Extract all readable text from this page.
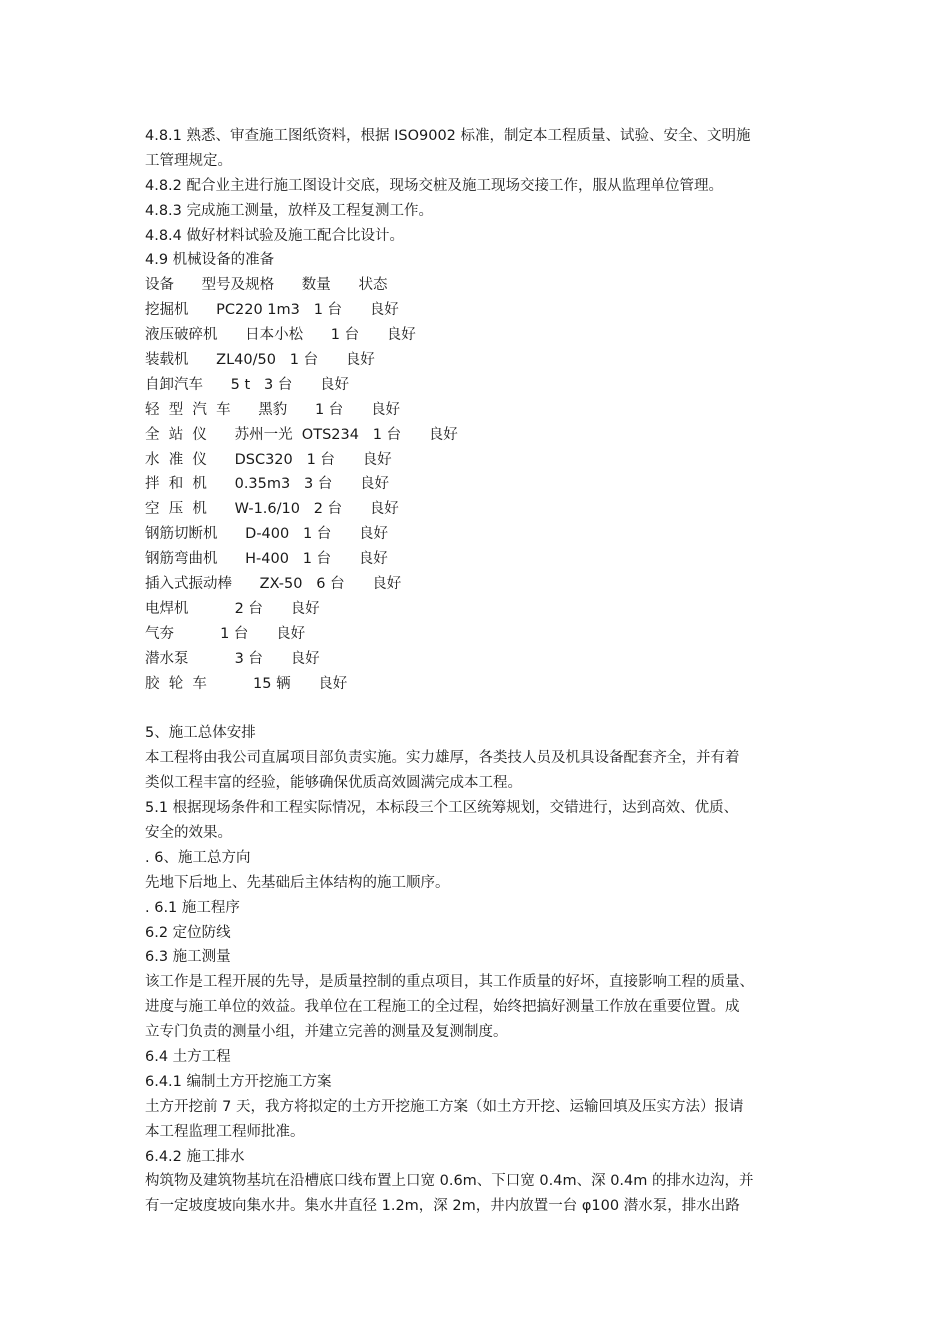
4.8.1 熟悉、审查施工图纸资料，根据 ISO9002 标准，制定本工程质量、试验、安全、文明施
工管理规定。
4.8.2 配合业主进行施工图设计交底，现场交桩及施工现场交接工作，服从监理单位管理。
4.8.3 完成施工测量，放样及工程复测工作。
4.8.4 做好材料试验及施工配合比设计。
4.9 机械设备的准备
设备      型号及规格      数量      状态
挖掘机      PC220 1m3   1 台      良好
液压破碎机      日本小松      1 台      良好
装载机      ZL40/50   1 台      良好
自卸汽车      5 t   3 台      良好
轻  型  汽  车      黑豹      1 台      良好
全  站  仪      苏州一光  OTS234   1 台      良好
水  准  仪      DSC320   1 台      良好
拌  和  机      0.35m3   3 台      良好
空  压  机      W-1.6/10   2 台      良好
钢筋切断机      D-400   1 台      良好
钢筋弯曲机      H-400   1 台      良好
插入式振动棒      ZX-50   6 台      良好
电焊机          2 台      良好
气夯          1 台      良好
潜水泵          3 台      良好
胶  轮  车          15 辆      良好
5、施工总体安排
本工程将由我公司直属项目部负责实施。实力雄厚，各类技人员及机具设备配套齐全，并有着
类似工程丰富的经验，能够确保优质高效圆满完成本工程。
5.1 根据现场条件和工程实际情况，本标段三个工区统筹规划，交错进行，达到高效、优质、
安全的效果。
. 6、施工总方向
先地下后地上、先基础后主体结构的施工顺序。
. 6.1 施工程序
6.2 定位防线
6.3 施工测量
该工作是工程开展的先导，是质量控制的重点项目，其工作质量的好坏，直接影响工程的质量、
进度与施工单位的效益。我单位在工程施工的全过程，始终把搞好测量工作放在重要位置。成
立专门负责的测量小组，并建立完善的测量及复测制度。
6.4 土方工程
6.4.1 编制土方开挖施工方案
土方开挖前 7 天，我方将拟定的土方开挖施工方案（如土方开挖、运输回填及压实方法）报请
本工程监理工程师批准。
6.4.2 施工排水
构筑物及建筑物基坑在沿槽底口线布置上口宽 0.6m、下口宽 0.4m、深 0.4m 的排水边沟，并
有一定坡度坡向集水井。集水井直径 1.2m，深 2m，井内放置一台 φ100 潜水泵，排水出路
